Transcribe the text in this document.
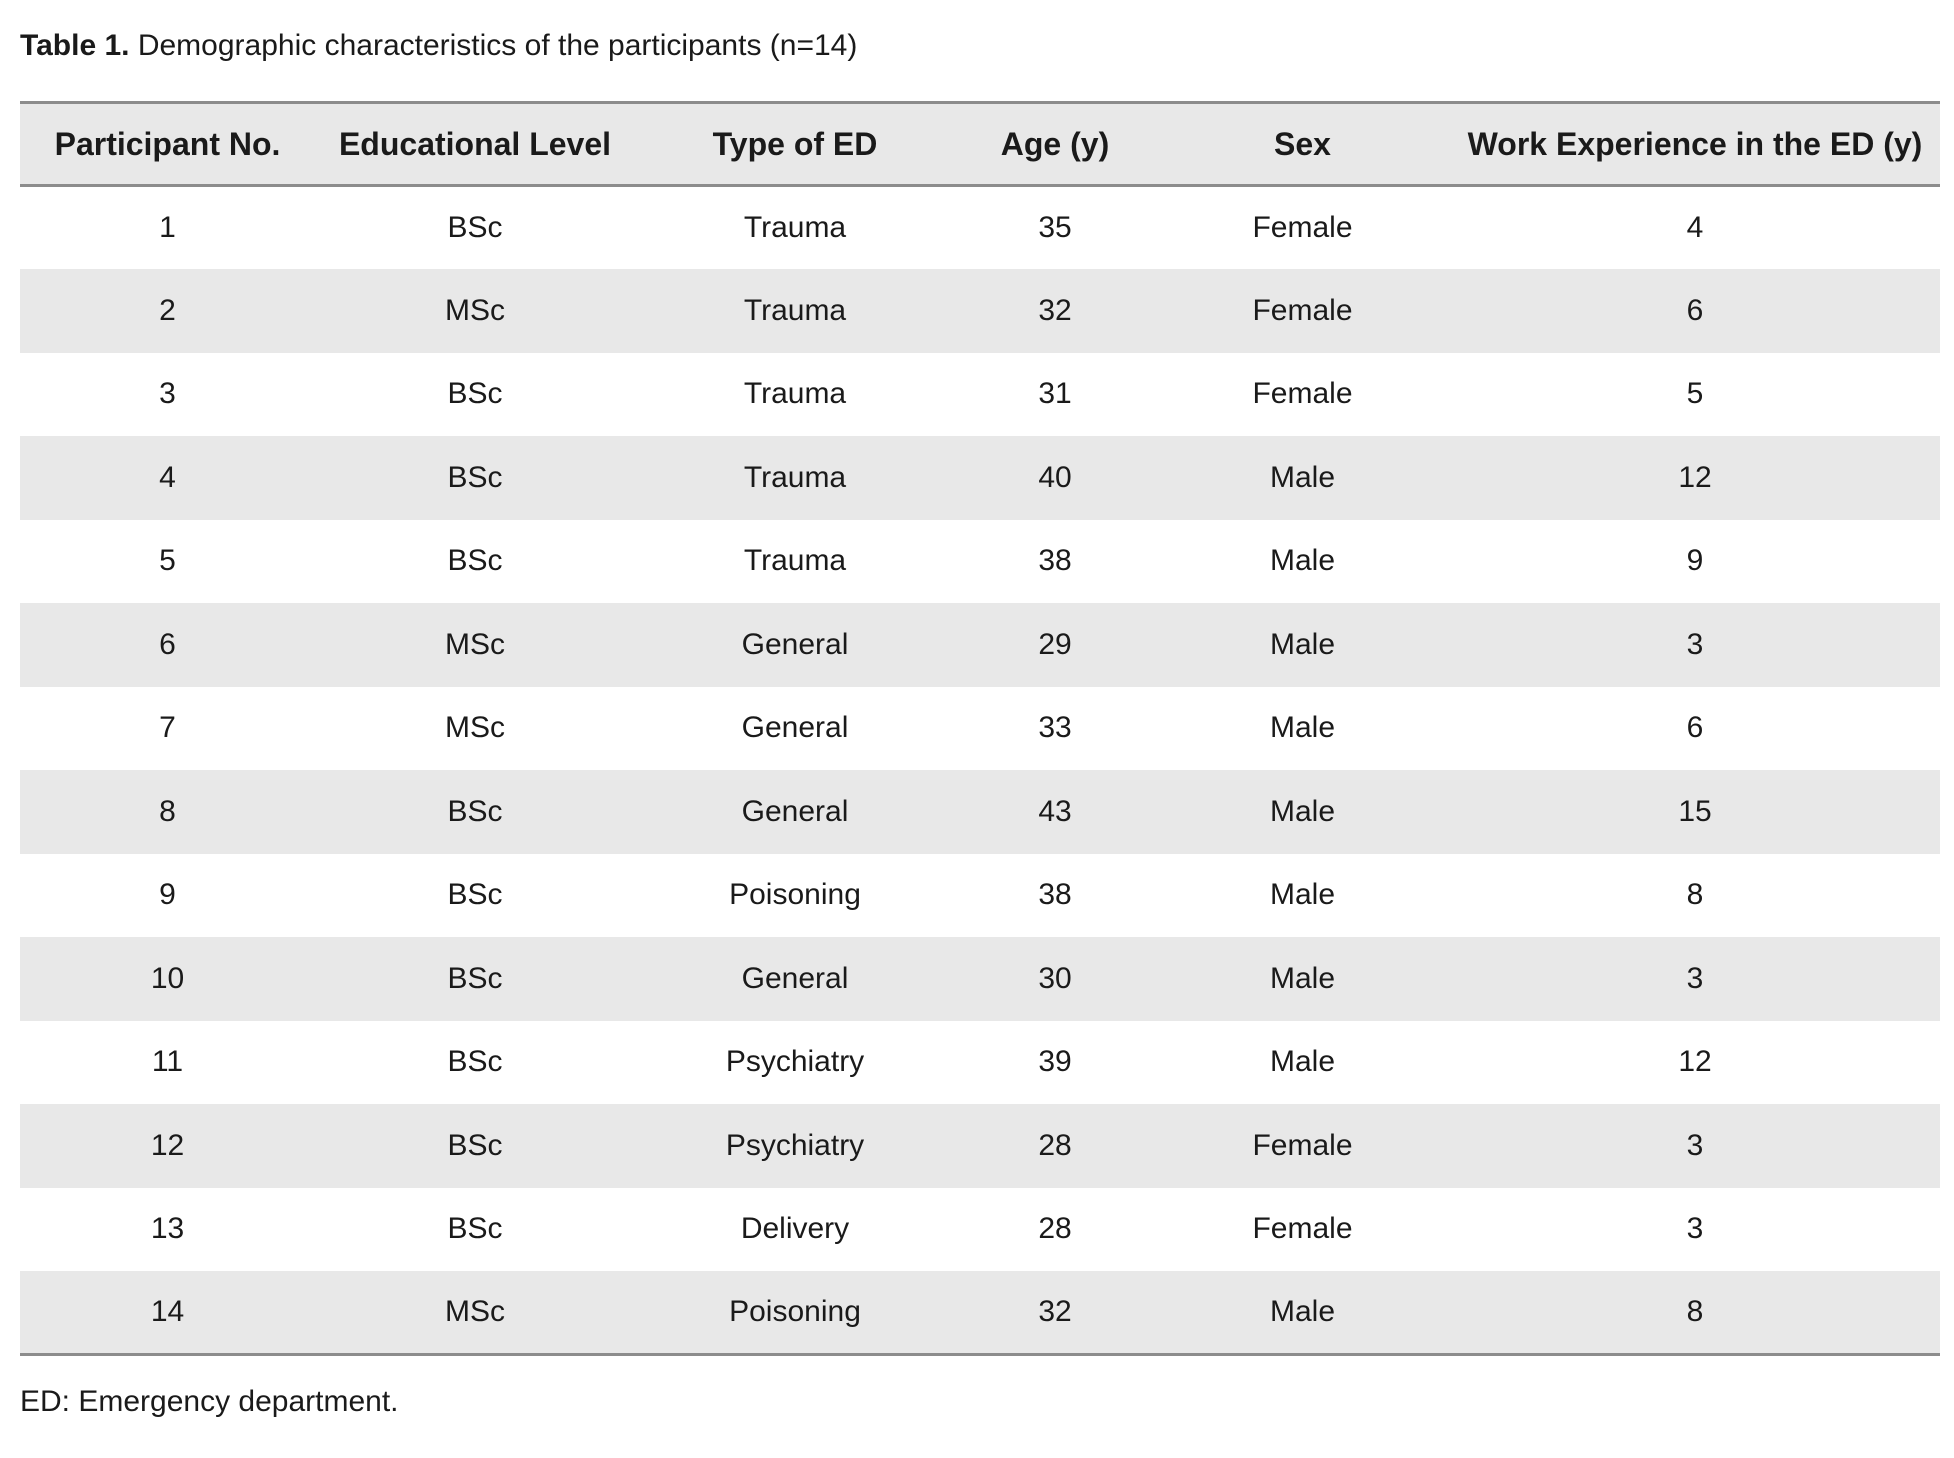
Table 1. Demographic characteristics of the participants (n=14)
Participant No.	Educational Level	Type of ED	Age (y)	Sex	Work Experience in the ED (y)
1	BSc	Trauma	35	Female	4
2	MSc	Trauma	32	Female	6
3	BSc	Trauma	31	Female	5
4	BSc	Trauma	40	Male	12
5	BSc	Trauma	38	Male	9
6	MSc	General	29	Male	3
7	MSc	General	33	Male	6
8	BSc	General	43	Male	15
9	BSc	Poisoning	38	Male	8
10	BSc	General	30	Male	3
11	BSc	Psychiatry	39	Male	12
12	BSc	Psychiatry	28	Female	3
13	BSc	Delivery	28	Female	3
14	MSc	Poisoning	32	Male	8
ED: Emergency department.
